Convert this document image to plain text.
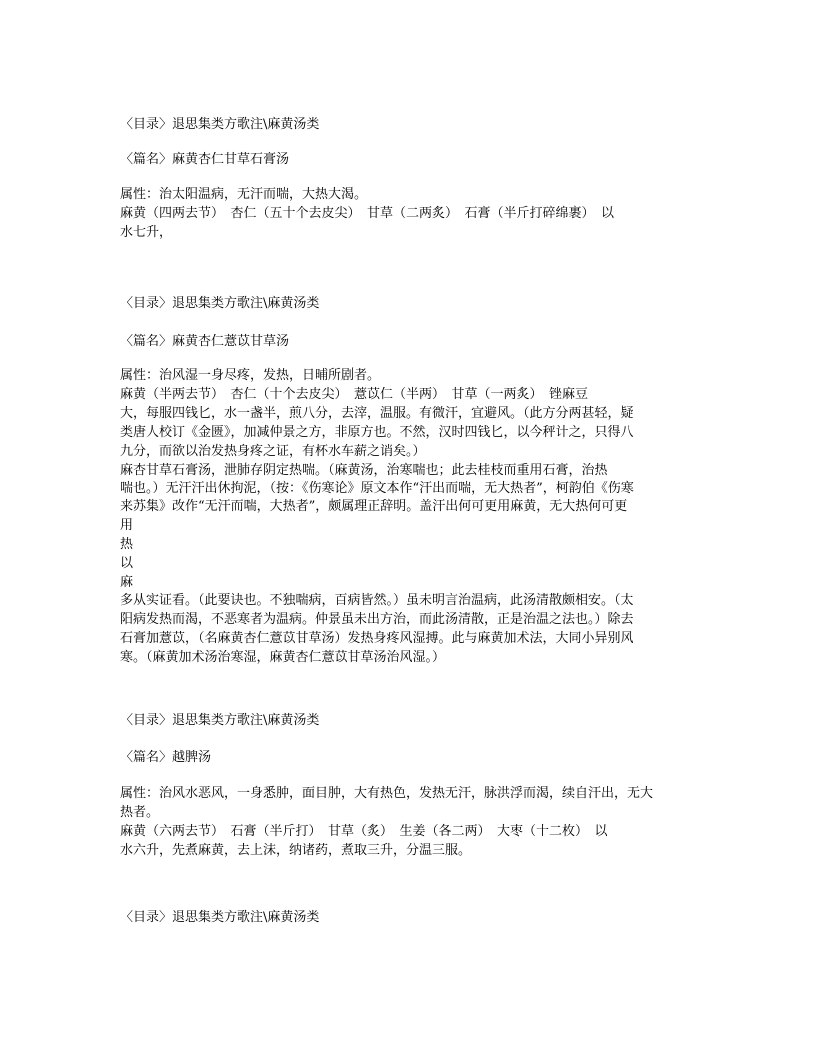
〈目录〉退思集类方歌注\麻黄汤类
〈篇名〉麻黄杏仁甘草石膏汤
属性：治太阳温病，无汗而喘，大热大渴。
麻黄（四两去节）　杏仁（五十个去皮尖）　甘草（二两炙）　石膏（半斤打碎绵裹）　以
水七升，
〈目录〉退思集类方歌注\麻黄汤类
〈篇名〉麻黄杏仁薏苡甘草汤
属性：治风湿一身尽疼，发热，日晡所剧者。
麻黄（半两去节）　杏仁（十个去皮尖）　薏苡仁（半两）　甘草（一两炙）　锉麻豆
大，每服四钱匕，水一盏半，煎八分，去滓，温服。有微汗，宜避风。（此方分两甚轻，疑
类唐人校订《金匮》，加减仲景之方，非原方也。不然，汉时四钱匕，以今秤计之，只得八
九分，而欲以治发热身疼之证，有杯水车薪之诮矣。）
麻杏甘草石膏汤，泄肺存阴定热喘。（麻黄汤，治寒喘也；此去桂枝而重用石膏，治热
喘也。）无汗汗出休拘泥，（按：《伤寒论》原文本作“汗出而喘，无大热者”，柯韵伯《伤寒
来苏集》改作“无汗而喘，大热者”，颇属理正辞明。盖汗出何可更用麻黄，无大热何可更
用
热
以
麻
多从实证看。（此要诀也。不独喘病，百病皆然。）虽未明言治温病，此汤清散颇相安。（太
阳病发热而渴，不恶寒者为温病。仲景虽未出方治，而此汤清散，正是治温之法也。）除去
石膏加薏苡，（名麻黄杏仁薏苡甘草汤）发热身疼风湿搏。此与麻黄加术法，大同小异别风
寒。（麻黄加术汤治寒湿，麻黄杏仁薏苡甘草汤治风湿。）
〈目录〉退思集类方歌注\麻黄汤类
〈篇名〉越脾汤
属性：治风水恶风，一身悉肿，面目肿，大有热色，发热无汗，脉洪浮而渴，续自汗出，无大
热者。
麻黄（六两去节）　石膏（半斤打）　甘草（炙）　生姜（各二两）　大枣（十二枚）　以
水六升，先煮麻黄，去上沫，纳诸药，煮取三升，分温三服。
〈目录〉退思集类方歌注\麻黄汤类
